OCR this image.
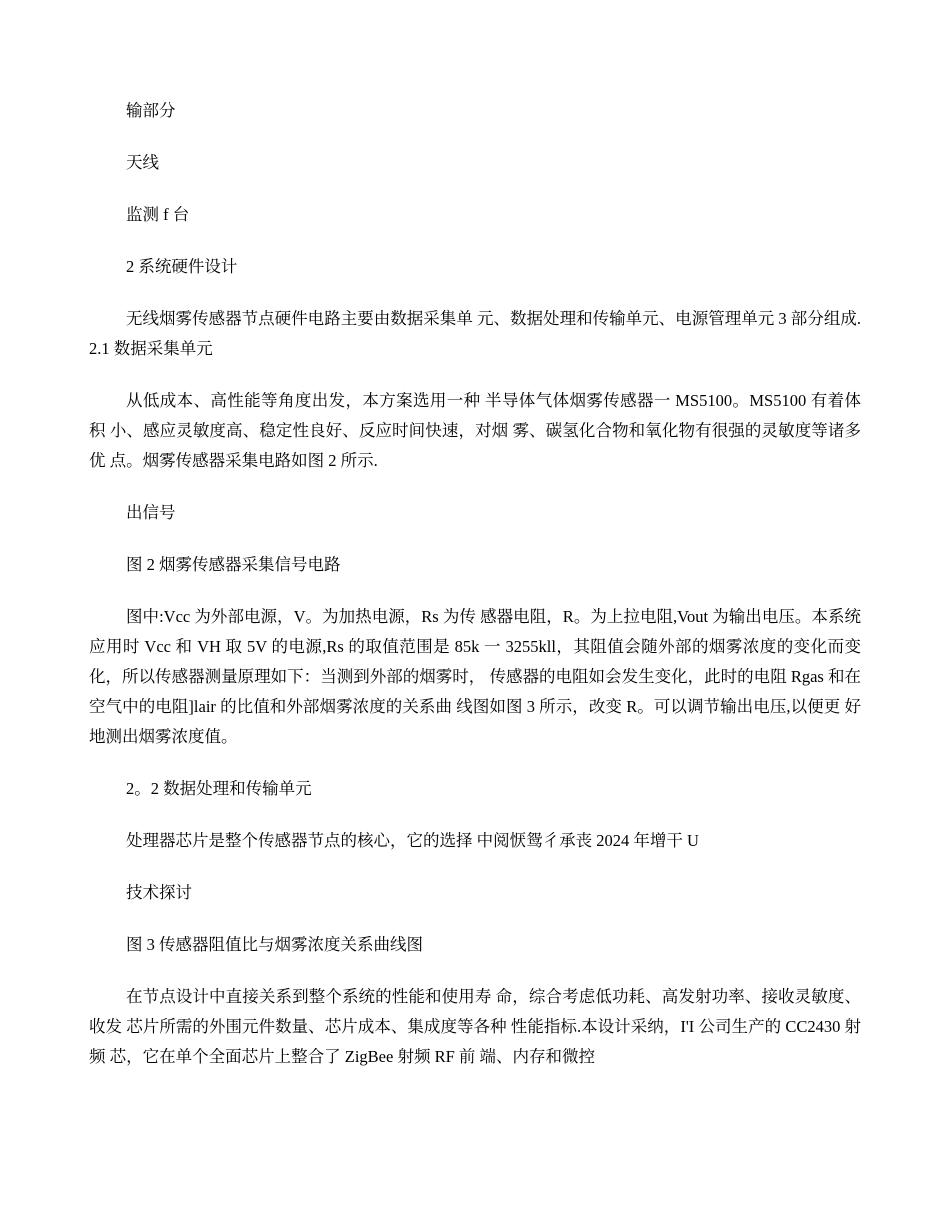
输部分

天线

监测 f 台

2 系统硬件设计

无线烟雾传感器节点硬件电路主要由数据采集单 元、数据处理和传输单元、电源管理单元 3 部分组成. 2.1 数据采集单元

从低成本、高性能等角度出发，本方案选用一种 半导体气体烟雾传感器一 MS5100。MS5100 有着体积 小、感应灵敏度高、稳定性良好、反应时间快速，对烟 雾、碳氢化合物和氧化物有很强的灵敏度等诸多优 点。烟雾传感器采集电路如图 2 所示.

出信号

图 2 烟雾传感器采集信号电路

图中:Vcc 为外部电源，V。为加热电源，Rs 为传 感器电阻，R。为上拉电阻,Vout 为输出电压。本系统 应用时 Vcc 和 VH 取 5V 的电源,Rs 的取值范围是 85k 一 3255kll，其阻值会随外部的烟雾浓度的变化而变 化，所以传感器测量原理如下：当测到外部的烟雾时， 传感器的电阻如会发生变化，此时的电阻 Rgas 和在 空气中的电阻]lair 的比值和外部烟雾浓度的关系曲 线图如图 3 所示，改变 R。可以调节输出电压,以便更 好地测出烟雾浓度值。

2。2 数据处理和传输单元

处理器芯片是整个传感器节点的核心，它的选择 中阅恹鸳彳承丧 2024 年增干 U

技术探讨

图 3 传感器阻值比与烟雾浓度关系曲线图

在节点设计中直接关系到整个系统的性能和使用寿 命，综合考虑低功耗、高发射功率、接收灵敏度、收发 芯片所需的外围元件数量、芯片成本、集成度等各种 性能指标.本设计采纳，I'I 公司生产的 CC2430 射频 芯，它在单个全面芯片上整合了 ZigBee 射频 RF 前 端、内存和微控
